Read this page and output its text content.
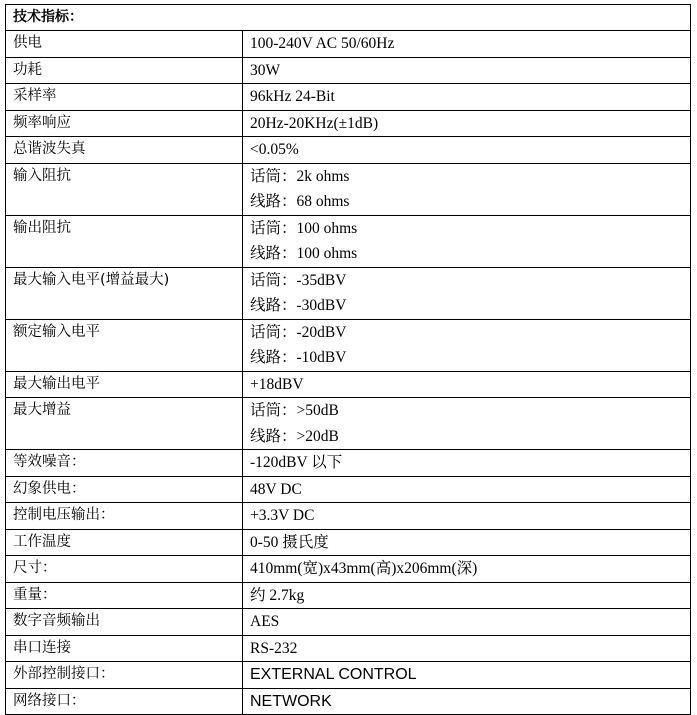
技术指标：	
供电	100-240V AC 50/60Hz

功耗	30W

采样率	96kHz 24-Bit

频率响应	20Hz-20KHz(±1dB)

总谐波失真	<0.05%

输入阻抗	话筒：2k ohms
线路：68 ohms

输出阻抗	话筒：100 ohms
线路：100 ohms

最大输入电平(增益最大)	话筒：-35dBV
线路：-30dBV

额定输入电平	话筒：-20dBV
线路：-10dBV

最大输出电平	+18dBV

最大增益	话筒：>50dB
线路：>20dB

等效噪音：	-120dBV 以下

幻象供电：	48V DC

控制电压输出：	+3.3V DC

工作温度	0-50 摄氏度

尺寸：	410mm(宽)x43mm(高)x206mm(深)

重量：	约 2.7kg

数字音频输出	AES

串口连接	RS-232

外部控制接口：	EXTERNAL CONTROL

网络接口：	NETWORK
